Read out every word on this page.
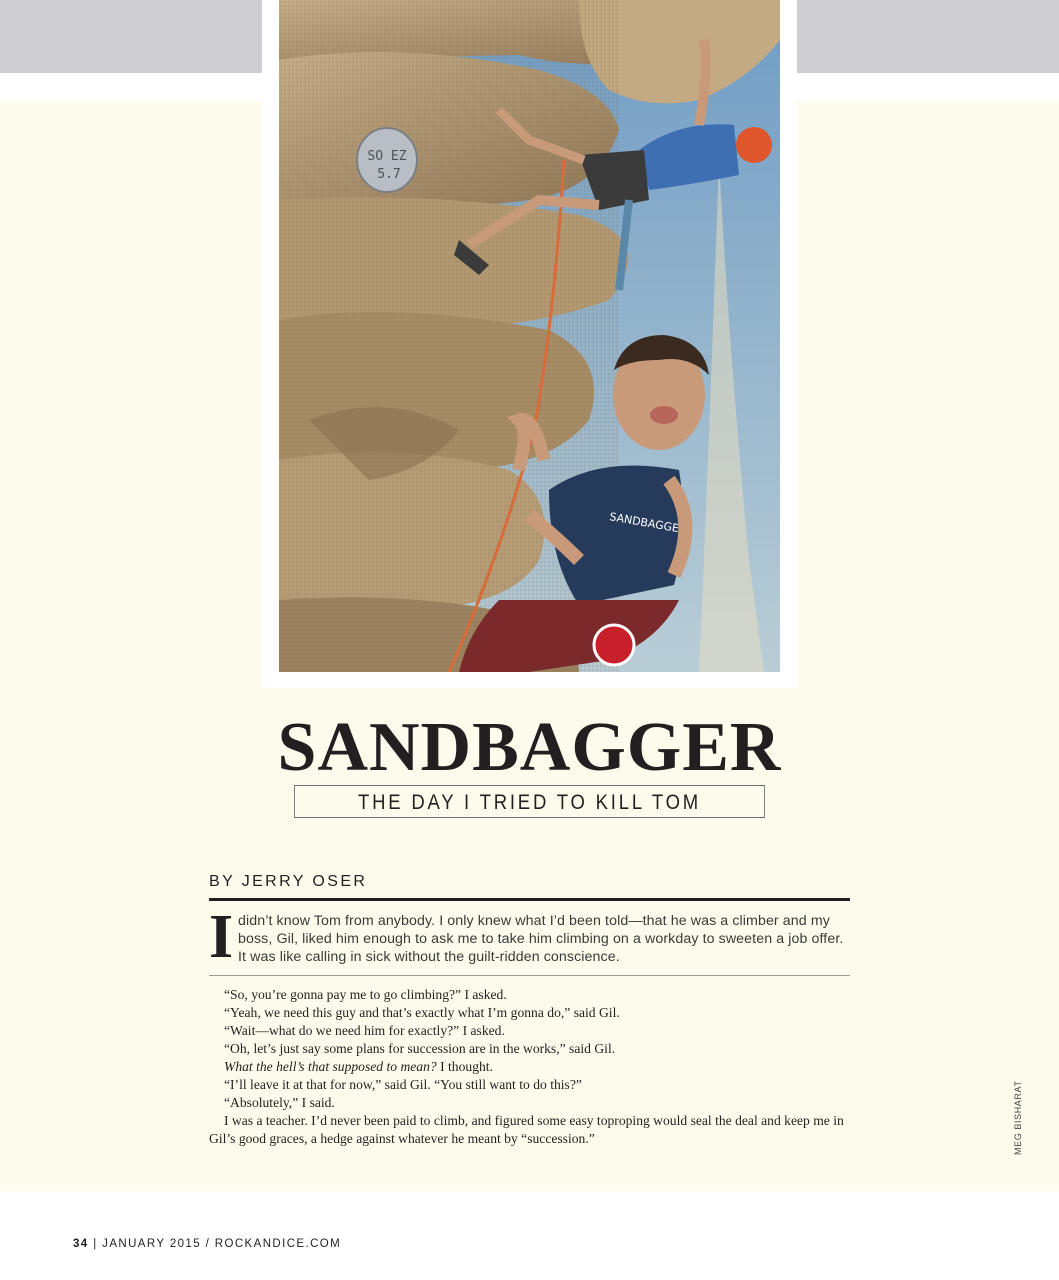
SO EZ
5.7
SANDBAGGER
SANDBAGGER
THE DAY I TRIED TO KILL TOM
BY JERRY OSER
I didn’t know Tom from anybody. I only knew what I’d been told—that he was a climber and my boss, Gil, liked him enough to ask me to take him climbing on a workday to sweeten a job offer. It was like calling in sick without the guilt-ridden conscience.

“So, you’re gonna pay me to go climbing?” I asked.

“Yeah, we need this guy and that’s exactly what I’m gonna do,” said Gil.

“Wait—what do we need him for exactly?” I asked.

“Oh, let’s just say some plans for succession are in the works,” said Gil.

What the hell’s that supposed to mean? I thought.

“I’ll leave it at that for now,” said Gil. “You still want to do this?”

“Absolutely,” I said.

I was a teacher. I’d never been paid to climb, and figured some easy toproping would seal the deal and keep me in Gil’s good graces, a hedge against whatever he meant by “succession.”	MEG BISHARAT
34 | JANUARY 2015 / ROCKANDICE.COM
